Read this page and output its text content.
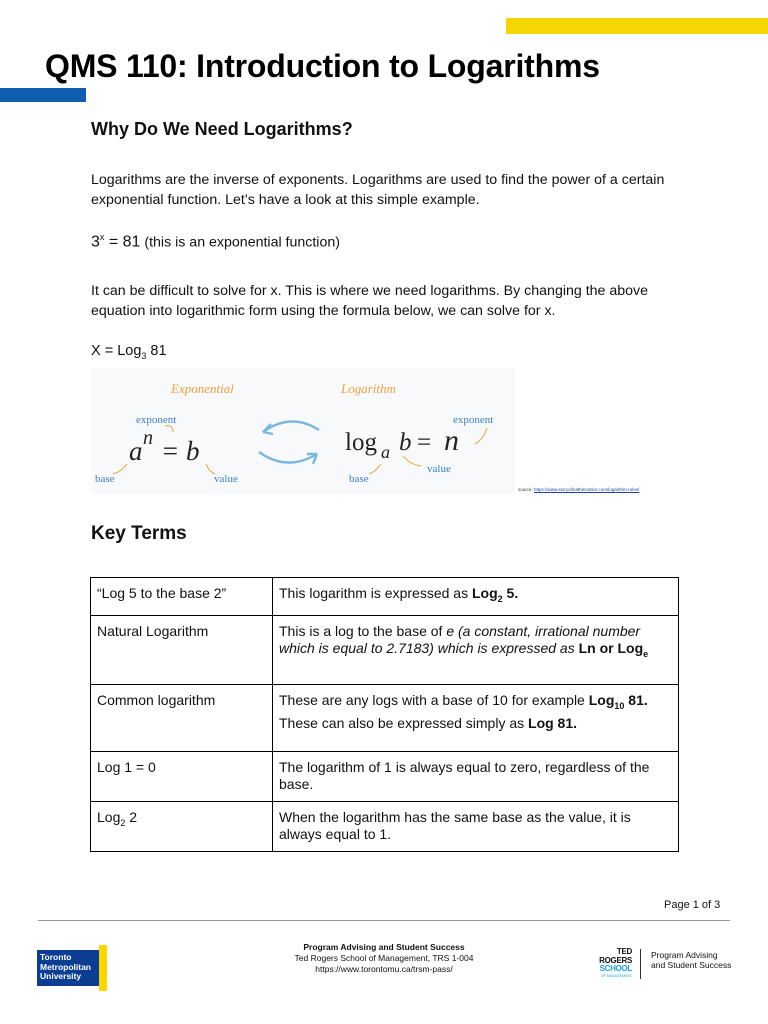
QMS 110: Introduction to Logarithms
Why Do We Need Logarithms?

Logarithms are the inverse of exponents. Logarithms are used to find the power of a certain exponential function. Let’s have a look at this simple example.

$3^x = 81$ (this is an exponential function)

It can be difficult to solve for x. This is where we need logarithms. By changing the above equation into logarithmic form using the formula below, we can solve for x.

X = Log$_3$ 81
Exponential	Logarithm
exponent
a n = b
base	value
log a b = n
exponent
value
base
source: https://www.storyofmathematics.com/logarithm-rules/
Key Terms
“Log 5 to the base 2”	This logarithm is expressed as Log$_2$ 5.
Natural Logarithm	This is a log to the base of e (a constant, irrational number which is equal to 2.7183) which is expressed as Ln or Log$_e$
Common logarithm	These are any logs with a base of 10 for example Log$_{10}$ 81.
These can also be expressed simply as Log 81.
Log 1 = 0	The logarithm of 1 is always equal to zero, regardless of the base.
Log$_2$ 2	When the logarithm has the same base as the value, it is always equal to 1.
Page 1 of 3
Toronto
Metropolitan
University
Program Advising and Student Success
Ted Rogers School of Management, TRS 1-004
https://www.torontomu.ca/trsm-pass/
TED
ROGERS
SCHOOL
OF MANAGEMENT
Program Advising
and Student Success
